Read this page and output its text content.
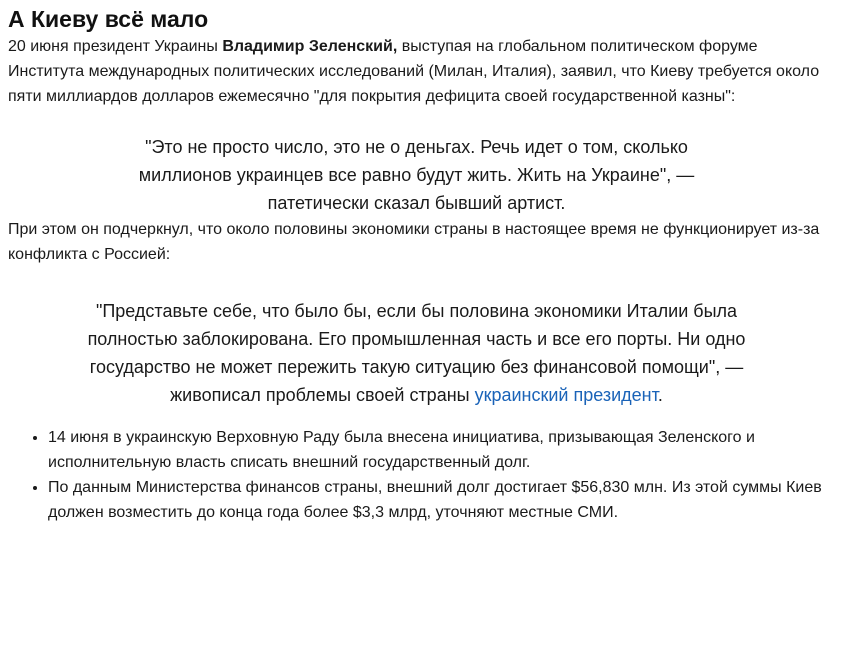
А Киеву всё мало

20 июня президент Украины Владимир Зеленский, выступая на глобальном политическом форуме Института международных политических исследований (Милан, Италия), заявил, что Киеву требуется около пяти миллиардов долларов ежемесячно "для покрытия дефицита своей государственной казны":

"Это не просто число, это не о деньгах. Речь идет о том, сколько миллионов украинцев все равно будут жить. Жить на Украине", — патетически сказал бывший артист.

При этом он подчеркнул, что около половины экономики страны в настоящее время не функционирует из-за конфликта с Россией:

"Представьте себе, что было бы, если бы половина экономики Италии была полностью заблокирована. Его промышленная часть и все его порты. Ни одно государство не может пережить такую ситуацию без финансовой помощи", — живописал проблемы своей страны украинский президент.
• 14 июня в украинскую Верховную Раду была внесена инициатива, призывающая Зеленского и исполнительную власть списать внешний государственный долг.
• По данным Министерства финансов страны, внешний долг достигает $56,830 млн. Из этой суммы Киев должен возместить до конца года более $3,3 млрд, уточняют местные СМИ.
